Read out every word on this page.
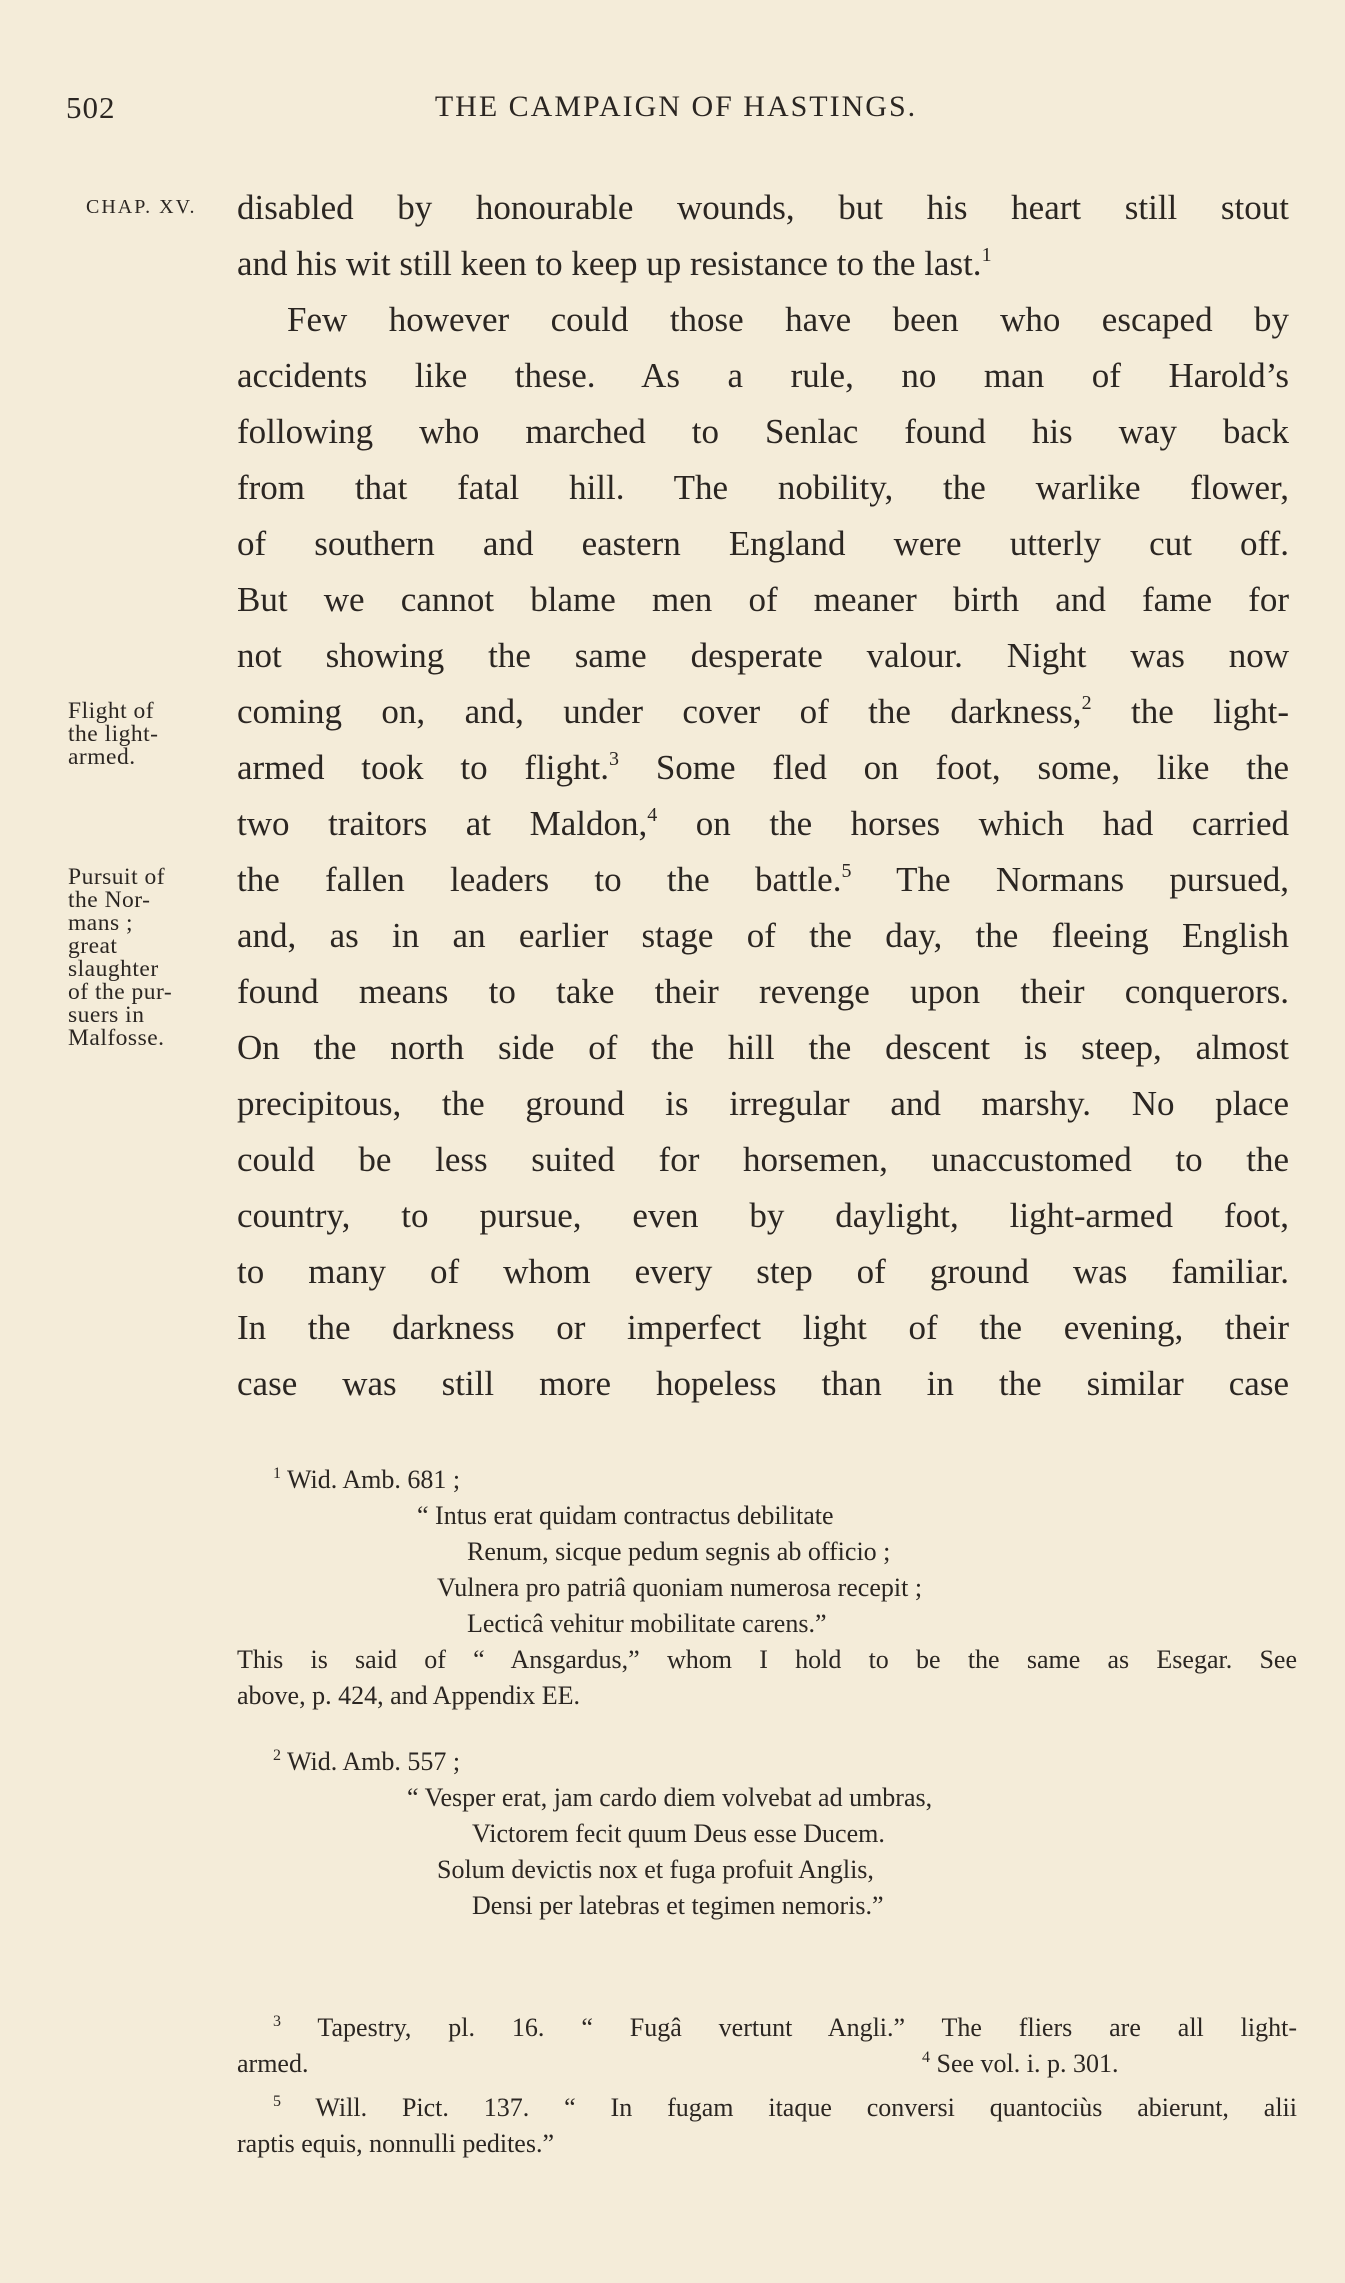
502	THE CAMPAIGN OF HASTINGS.
CHAP. XV.
Flight of
the light-
armed.
Pursuit of
the Nor-
mans ;
great
slaughter
of the pur-
suers in
Malfosse.
disabled by honourable wounds, but his heart still stout
and his wit still keen to keep up resistance to the last.$^1$
Few however could those have been who escaped by
accidents like these. As a rule, no man of Harold’s
following who marched to Senlac found his way back
from that fatal hill. The nobility, the warlike flower,
of southern and eastern England were utterly cut off.
But we cannot blame men of meaner birth and fame for
not showing the same desperate valour. Night was now
coming on, and, under cover of the darkness,$^2$ the light-
armed took to flight.$^3$ Some fled on foot, some, like the
two traitors at Maldon,$^4$ on the horses which had carried
the fallen leaders to the battle.$^5$ The Normans pursued,
and, as in an earlier stage of the day, the fleeing English
found means to take their revenge upon their conquerors.
On the north side of the hill the descent is steep, almost
precipitous, the ground is irregular and marshy. No place
could be less suited for horsemen, unaccustomed to the
country, to pursue, even by daylight, light-armed foot,
to many of whom every step of ground was familiar.
In the darkness or imperfect light of the evening, their
case was still more hopeless than in the similar case
$^1$ Wid. Amb. 681 ;
“ Intus erat quidam contractus debilitate
Renum, sicque pedum segnis ab officio ;
Vulnera pro patriâ quoniam numerosa recepit ;
Lecticâ vehitur mobilitate carens.”
This is said of “ Ansgardus,” whom I hold to be the same as Esegar. See
above, p. 424, and Appendix EE.
$^2$ Wid. Amb. 557 ;
“ Vesper erat, jam cardo diem volvebat ad umbras,
Victorem fecit quum Deus esse Ducem.
Solum devictis nox et fuga profuit Anglis,
Densi per latebras et tegimen nemoris.”
$^3$ Tapestry, pl. 16. “ Fugâ vertunt Angli.” The fliers are all light-
armed.	$^4$ See vol. i. p. 301.
$^5$ Will. Pict. 137. “ In fugam itaque conversi quantociùs abierunt, alii
raptis equis, nonnulli pedites.”
